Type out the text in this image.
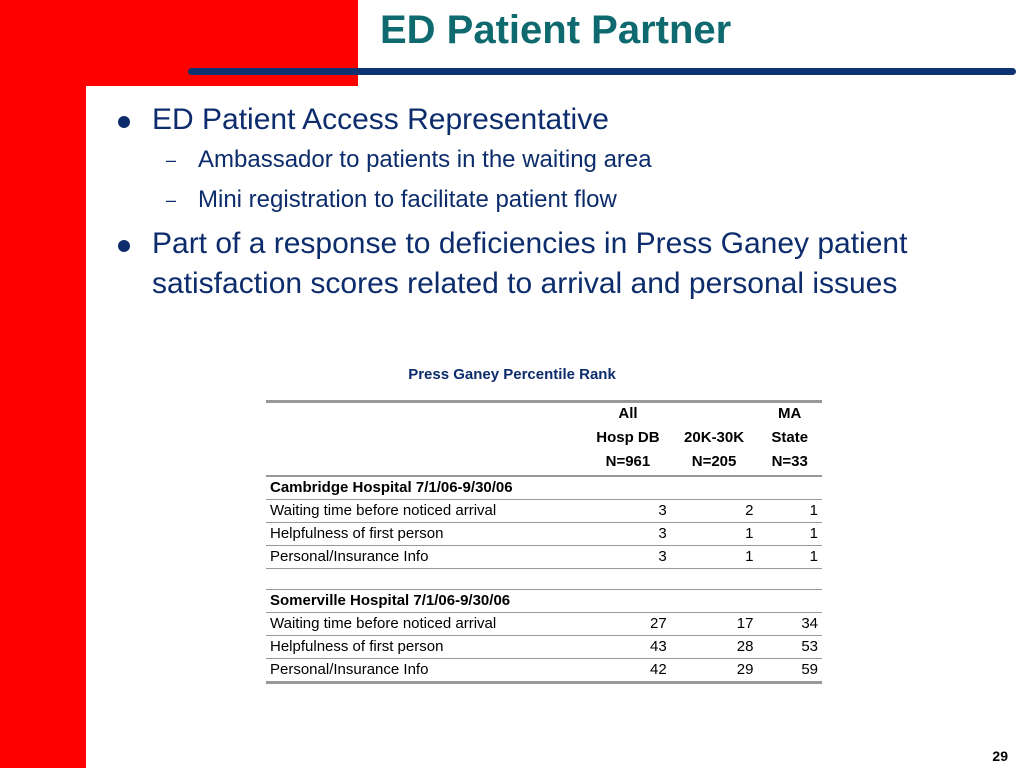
ED Patient Partner
ED Patient Access Representative
– Ambassador to patients in the waiting area
– Mini registration to facilitate patient flow
Part of a response to deficiencies in Press Ganey patient satisfaction scores related to arrival and personal issues
Press Ganey Percentile Rank
	All		MA
	Hosp DB	20K-30K	State
	N=961	N=205	N=33
Cambridge Hospital 7/1/06-9/30/06			
Waiting time before noticed arrival	3	2	1
Helpfulness of first person	3	1	1
Personal/Insurance Info	3	1	1

Somerville Hospital 7/1/06-9/30/06			
Waiting time before noticed arrival	27	17	34
Helpfulness of first person	43	28	53
Personal/Insurance Info	42	29	59
29
